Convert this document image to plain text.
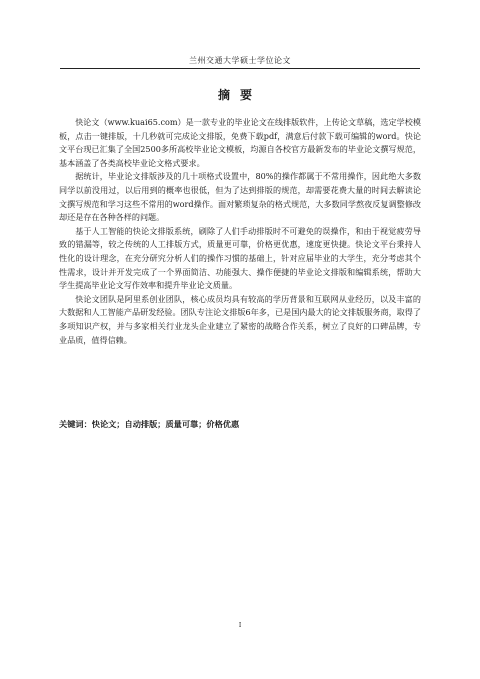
兰州交通大学硕士学位论文
摘要

快论文（www.kuai65.com）是一款专业的毕业论文在线排版软件，上传论文草稿，选定学校模板，点击一键排版，十几秒就可完成论文排版，免费下载pdf，满意后付款下载可编辑的word。快论文平台现已汇集了全国2500多所高校毕业论文模板，均源自各校官方最新发布的毕业论文撰写规范，基本涵盖了各类高校毕业论文格式要求。

据统计，毕业论文排版涉及的几十项格式设置中，80%的操作都属于不常用操作，因此绝大多数同学以前没用过，以后用到的概率也很低，但为了达到排版的规范，却需要花费大量的时间去解读论文撰写规范和学习这些不常用的word操作。面对繁琐复杂的格式规范，大多数同学熬夜反复调整修改却还是存在各种各样的问题。

基于人工智能的快论文排版系统，刷除了人们手动排版时不可避免的误操作，和由于视觉疲劳导致的错漏等，较之传统的人工排版方式，质量更可靠，价格更优惠，速度更快捷。快论文平台秉持人性化的设计理念，在充分研究分析人们的操作习惯的基础上，针对应届毕业的大学生，充分考虑其个性需求，设计并开发完成了一个界面简洁、功能强大、操作便捷的毕业论文排版和编辑系统，帮助大学生提高毕业论文写作效率和提升毕业论文质量。

快论文团队是阿里系创业团队，核心成员均具有较高的学历背景和互联网从业经历，以及丰富的大数据和人工智能产品研发经验。团队专注论文排版6年多，已是国内最大的论文排版服务商，取得了多项知识产权，并与多家相关行业龙头企业建立了紧密的战略合作关系，树立了良好的口碑品牌，专业品质，值得信赖。

关键词：快论文；自动排版；质量可靠；价格优惠
I
